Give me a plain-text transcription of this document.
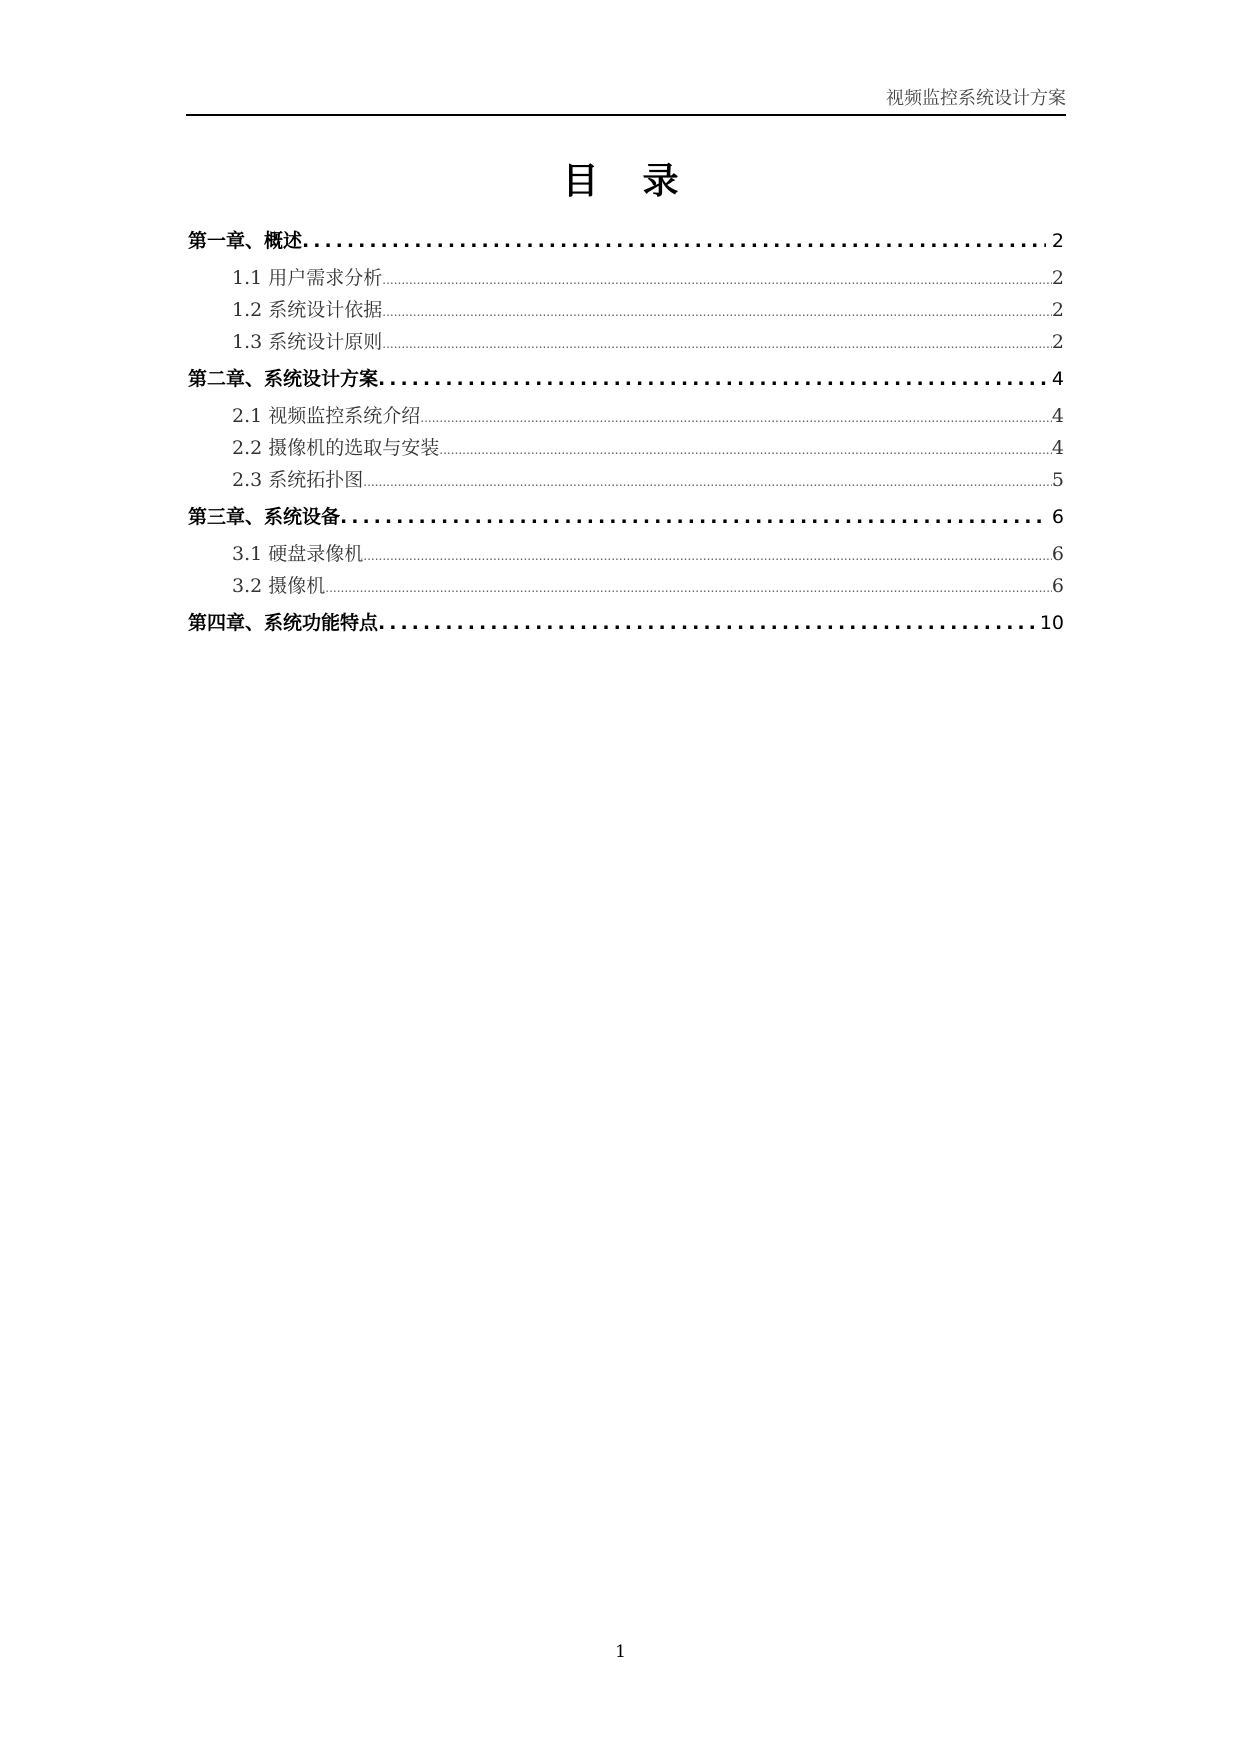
视频监控系统设计方案
目录
第一章、概述 .....	2
1.1 用户需求分析 .....	2
1.2 系统设计依据 .....	2
1.3 系统设计原则 .....	2
第二章、系统设计方案 .....	4
2.1 视频监控系统介绍 .....	4
2.2 摄像机的选取与安装 .....	4
2.3 系统拓扑图 .....	5
第三章、系统设备 .....	6
3.1 硬盘录像机 .....	6
3.2 摄像机 .....	6
第四章、系统功能特点 .....	10
1
